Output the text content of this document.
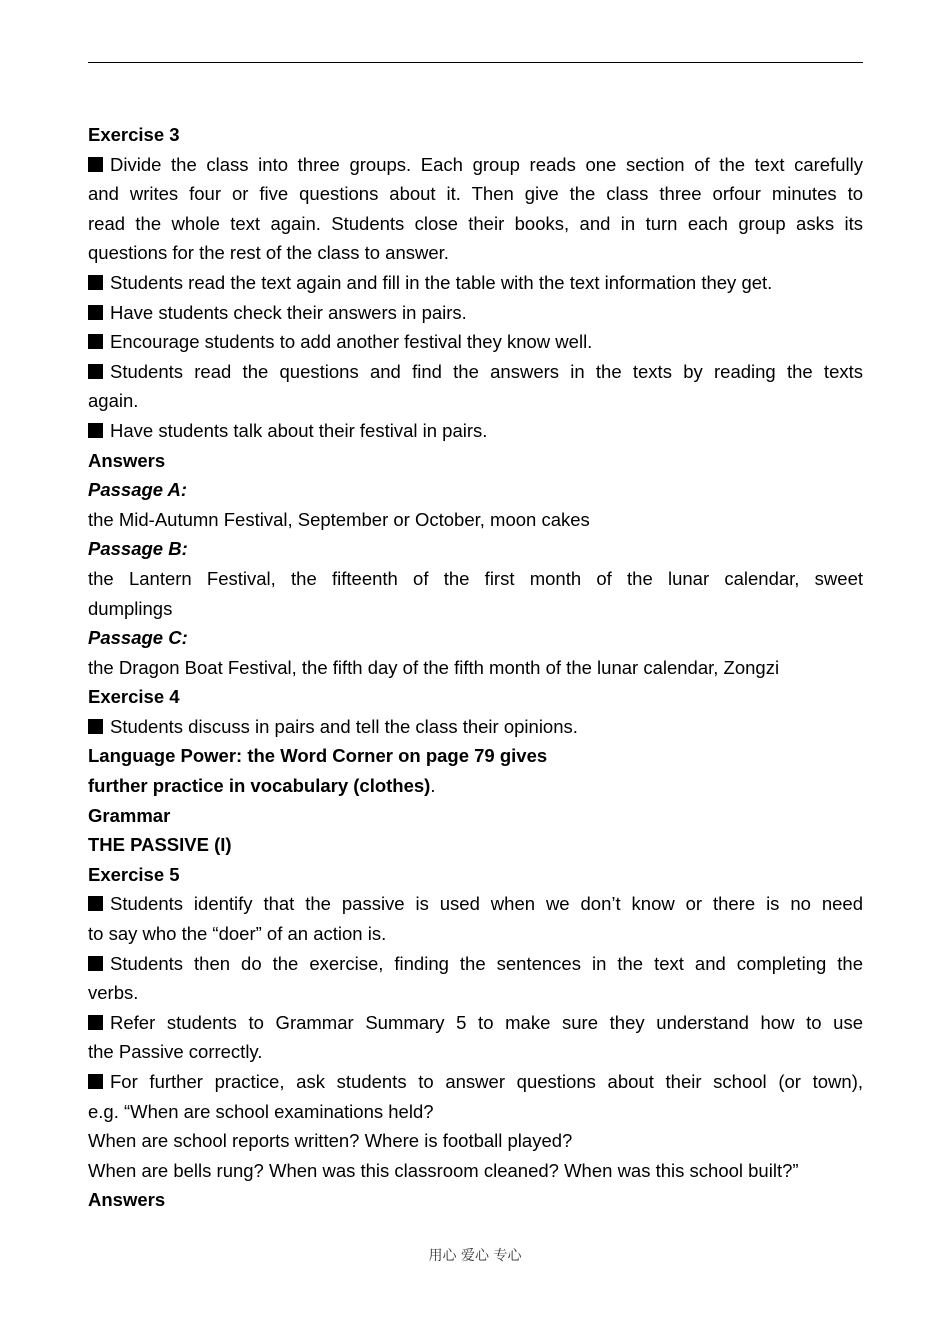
Exercise 3
Divide the class into three groups. Each group reads one section of the text carefully
and writes four or five questions about it. Then give the class three orfour minutes to
read the whole text again. Students close their books, and in turn each group asks its
questions for the rest of the class to answer.
Students read the text again and fill in the table with the text information they get.
Have students check their answers in pairs.
Encourage students to add another festival they know well.
Students read the questions and find the answers in the texts by reading the texts
again.
Have students talk about their festival in pairs.
Answers
Passage A:
the Mid-Autumn Festival, September or October, moon cakes
Passage B:
the Lantern Festival, the fifteenth of the first month of the lunar calendar, sweet
dumplings
Passage C:
the Dragon Boat Festival, the fifth day of the fifth month of the lunar calendar, Zongzi
Exercise 4
Students discuss in pairs and tell the class their opinions.
Language Power: the Word Corner on page 79 gives
further practice in vocabulary (clothes).
Grammar
THE PASSIVE (I)
Exercise 5
Students identify that the passive is used when we don’t know or there is no need
to say who the “doer” of an action is.
Students then do the exercise, finding the sentences in the text and completing the
verbs.
Refer students to Grammar Summary 5 to make sure they understand how to use
the Passive correctly.
For further practice, ask students to answer questions about their school (or town),
e.g. “When are school examinations held?
When are school reports written? Where is football played?
When are bells rung? When was this classroom cleaned? When was this school built?”
Answers
用心 爱心 专心
